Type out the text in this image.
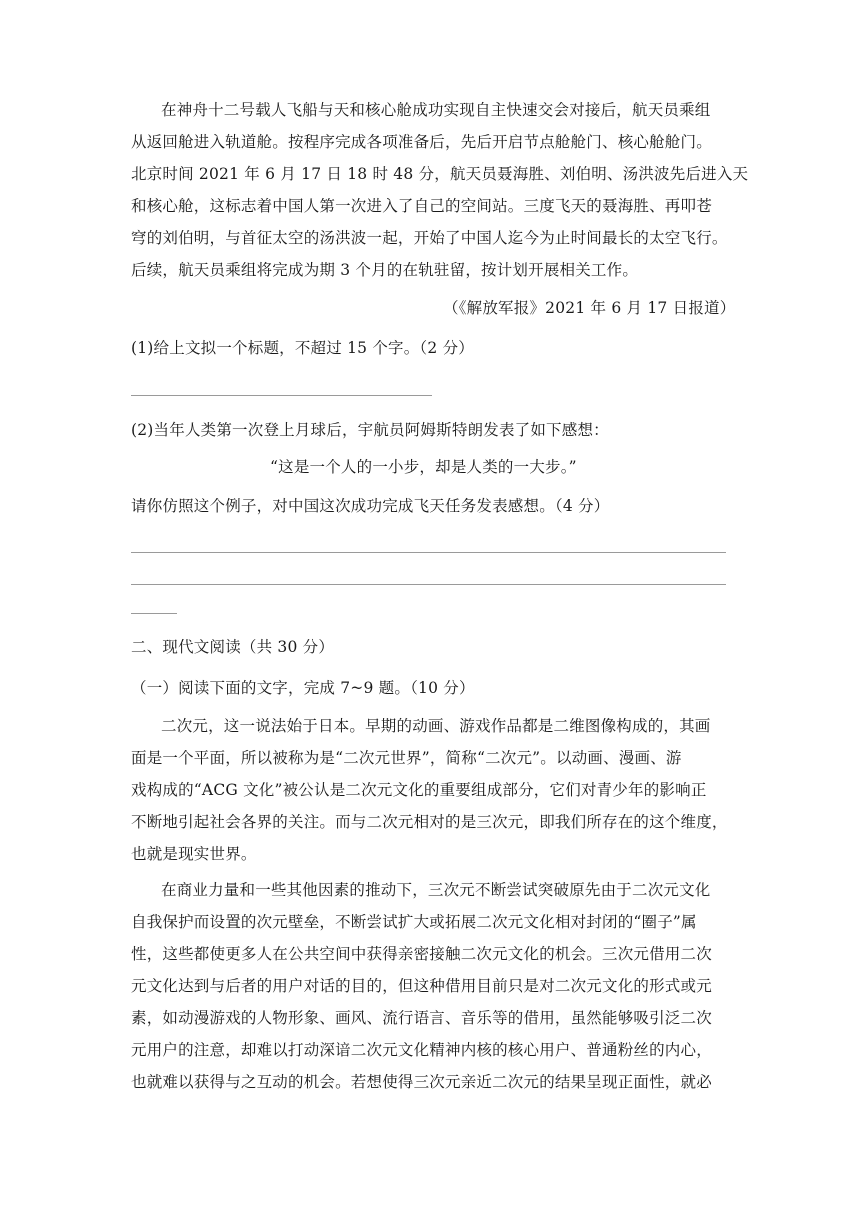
在神舟十二号载人飞船与天和核心舱成功实现自主快速交会对接后，航天员乘组
从返回舱进入轨道舱。按程序完成各项准备后，先后开启节点舱舱门、核心舱舱门。
北京时间 2021 年 6 月 17 日 18 时 48 分，航天员聂海胜、刘伯明、汤洪波先后进入天
和核心舱，这标志着中国人第一次进入了自己的空间站。三度飞天的聂海胜、再叩苍
穹的刘伯明，与首征太空的汤洪波一起，开始了中国人迄今为止时间最长的太空飞行。
后续，航天员乘组将完成为期 3 个月的在轨驻留，按计划开展相关工作。
（《解放军报》2021 年 6 月 17 日报道）
(1)给上文拟一个标题，不超过 15 个字。（2 分）
(2)当年人类第一次登上月球后，宇航员阿姆斯特朗发表了如下感想：
“这是一个人的一小步，却是人类的一大步。”
请你仿照这个例子，对中国这次成功完成飞天任务发表感想。（4 分）
二、现代文阅读（共 30 分）
（一）阅读下面的文字，完成 7~9 题。（10 分）
二次元，这一说法始于日本。早期的动画、游戏作品都是二维图像构成的，其画
面是一个平面，所以被称为是“二次元世界”，简称“二次元”。以动画、漫画、游
戏构成的“ACG 文化”被公认是二次元文化的重要组成部分，它们对青少年的影响正
不断地引起社会各界的关注。而与二次元相对的是三次元，即我们所存在的这个维度，
也就是现实世界。
在商业力量和一些其他因素的推动下，三次元不断尝试突破原先由于二次元文化
自我保护而设置的次元壁垒，不断尝试扩大或拓展二次元文化相对封闭的“圈子”属
性，这些都使更多人在公共空间中获得亲密接触二次元文化的机会。三次元借用二次
元文化达到与后者的用户对话的目的，但这种借用目前只是对二次元文化的形式或元
素，如动漫游戏的人物形象、画风、流行语言、音乐等的借用，虽然能够吸引泛二次
元用户的注意，却难以打动深谙二次元文化精神内核的核心用户、普通粉丝的内心，
也就难以获得与之互动的机会。若想使得三次元亲近二次元的结果呈现正面性，就必
